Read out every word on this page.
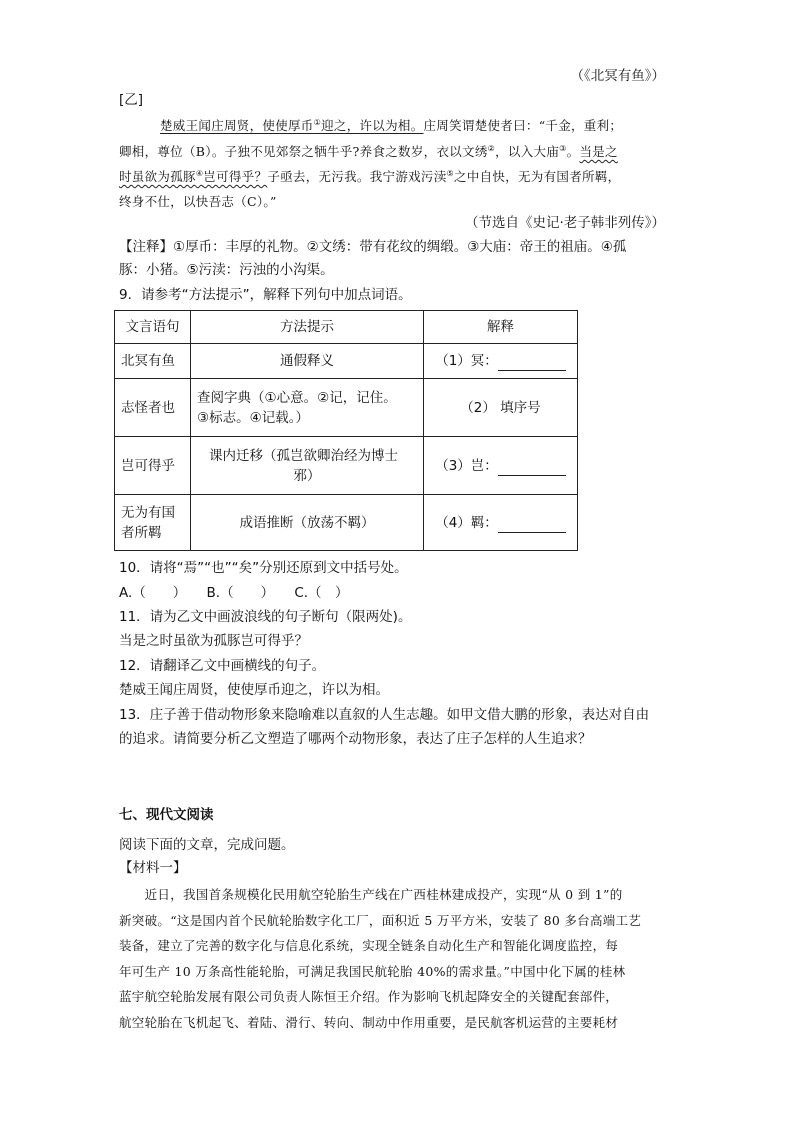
（《北冥有鱼》）
[乙]
楚威王闻庄周贤，使使厚币①迎之，许以为相。庄周笑谓楚使者曰：“千金，重利；
卿相，尊位（B）。子独不见郊祭之牺牛乎?养食之数岁，衣以文绣②，以入大庙③。当是之
时虽欲为孤豚④岂可得乎？子亟去，无污我。我宁游戏污渎⑤之中自快，无为有国者所羁，
终身不仕，以快吾志（C）。”
（节选自《史记·老子韩非列传》）
【注释】①厚币：丰厚的礼物。②文绣：带有花纹的绸缎。③大庙：帝王的祖庙。④孤
豚：小猪。⑤污渎：污浊的小沟渠。
9．请参考“方法提示”，解释下列句中加点词语。
文言语句	方法提示	解释
北冥有鱼	通假释义	（1）冥：
志怪者也	查阅字典（①心意。②记，记住。
③标志。④记载。）	（2） 填序号
岂可得乎	课内迁移（孤岂欲卿治经为博士
邪）	（3）岂：

无为有国
者所羁	成语推断（放荡不羁）	（4）羁：
10．请将“焉”“也”“矣”分别还原到文中括号处。
A.（　　）　　B.（　　）　　C.（　）
11．请为乙文中画波浪线的句子断句（限两处)。
当是之时虽欲为孤豚岂可得乎？
12．请翻译乙文中画横线的句子。
楚威王闻庄周贤，使使厚币迎之，许以为相。
13．庄子善于借动物形象来隐喻难以直叙的人生志趣。如甲文借大鹏的形象，表达对自由
的追求。请简要分析乙文塑造了哪两个动物形象，表达了庄子怎样的人生追求？
七、现代文阅读
阅读下面的文章，完成问题。
【材料一】
　　近日，我国首条规模化民用航空轮胎生产线在广西桂林建成投产，实现“从 0 到 1”的
新突破。“这是国内首个民航轮胎数字化工厂，面积近 5 万平方米，安装了 80 多台高端工艺
装备，建立了完善的数字化与信息化系统，实现全链条自动化生产和智能化调度监控，每
年可生产 10 万条高性能轮胎，可满足我国民航轮胎 40%的需求量。”中国中化下属的桂林
蓝宇航空轮胎发展有限公司负责人陈恒王介绍。作为影响飞机起降安全的关键配套部件，
航空轮胎在飞机起飞、着陆、滑行、转向、制动中作用重要，是民航客机运营的主要耗材
